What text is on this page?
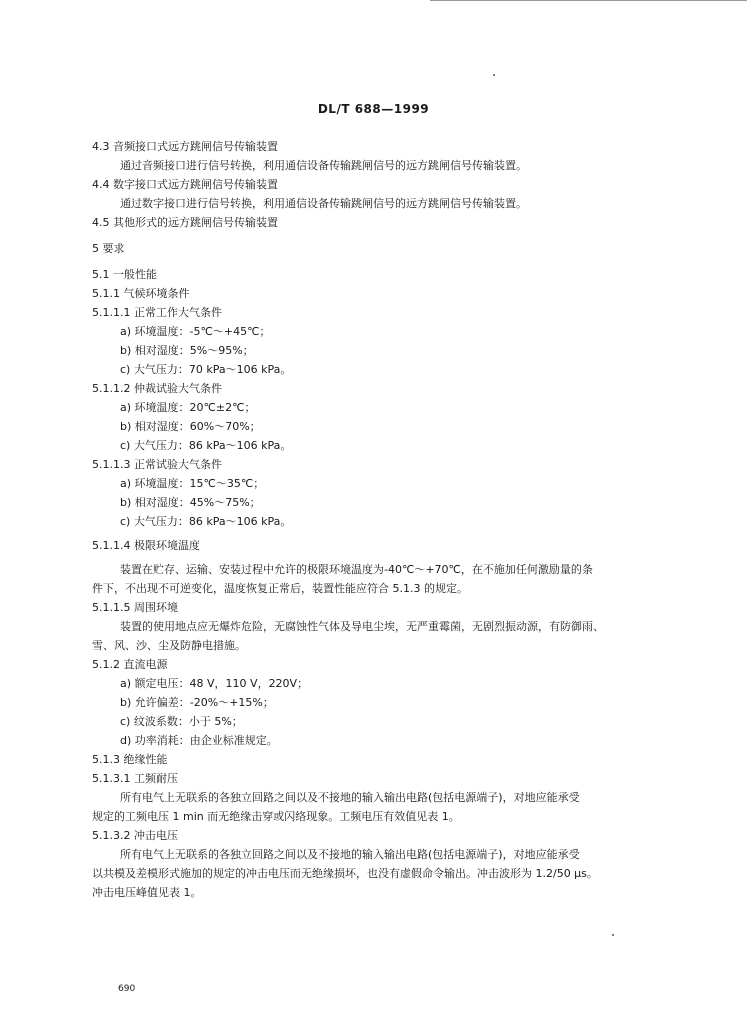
DL/T 688—1999
4.3 音频接口式远方跳闸信号传输装置
通过音频接口进行信号转换，利用通信设备传输跳闸信号的远方跳闸信号传输装置。
4.4 数字接口式远方跳闸信号传输装置
通过数字接口进行信号转换，利用通信设备传输跳闸信号的远方跳闸信号传输装置。
4.5 其他形式的远方跳闸信号传输装置
5 要求
5.1 一般性能
5.1.1 气候环境条件
5.1.1.1 正常工作大气条件
a) 环境温度：-5℃～+45℃；
b) 相对湿度：5%～95%；
c) 大气压力：70 kPa～106 kPa。
5.1.1.2 仲裁试验大气条件
a) 环境温度：20℃±2℃；
b) 相对湿度：60%～70%；
c) 大气压力：86 kPa～106 kPa。
5.1.1.3 正常试验大气条件
a) 环境温度：15℃～35℃；
b) 相对湿度：45%～75%；
c) 大气压力：86 kPa～106 kPa。
5.1.1.4 极限环境温度
装置在贮存、运输、安装过程中允许的极限环境温度为-40℃～+70℃，在不施加任何激励量的条
件下，不出现不可逆变化，温度恢复正常后，装置性能应符合 5.1.3 的规定。
5.1.1.5 周围环境
装置的使用地点应无爆炸危险，无腐蚀性气体及导电尘埃，无严重霉菌，无剧烈振动源，有防御雨、
雪、风、沙、尘及防静电措施。
5.1.2 直流电源
a) 额定电压：48 V，110 V，220V；
b) 允许偏差：-20%～+15%；
c) 纹波系数：小于 5%；
d) 功率消耗：由企业标准规定。
5.1.3 绝缘性能
5.1.3.1 工频耐压
所有电气上无联系的各独立回路之间以及不接地的输入输出电路(包括电源端子)，对地应能承受
规定的工频电压 1 min 而无绝缘击穿或闪络现象。工频电压有效值见表 1。
5.1.3.2 冲击电压
所有电气上无联系的各独立回路之间以及不接地的输入输出电路(包括电源端子)，对地应能承受
以共模及差模形式施加的规定的冲击电压而无绝缘损坏，也没有虚假命令输出。冲击波形为 1.2/50 μs。
冲击电压峰值见表 1。
690
